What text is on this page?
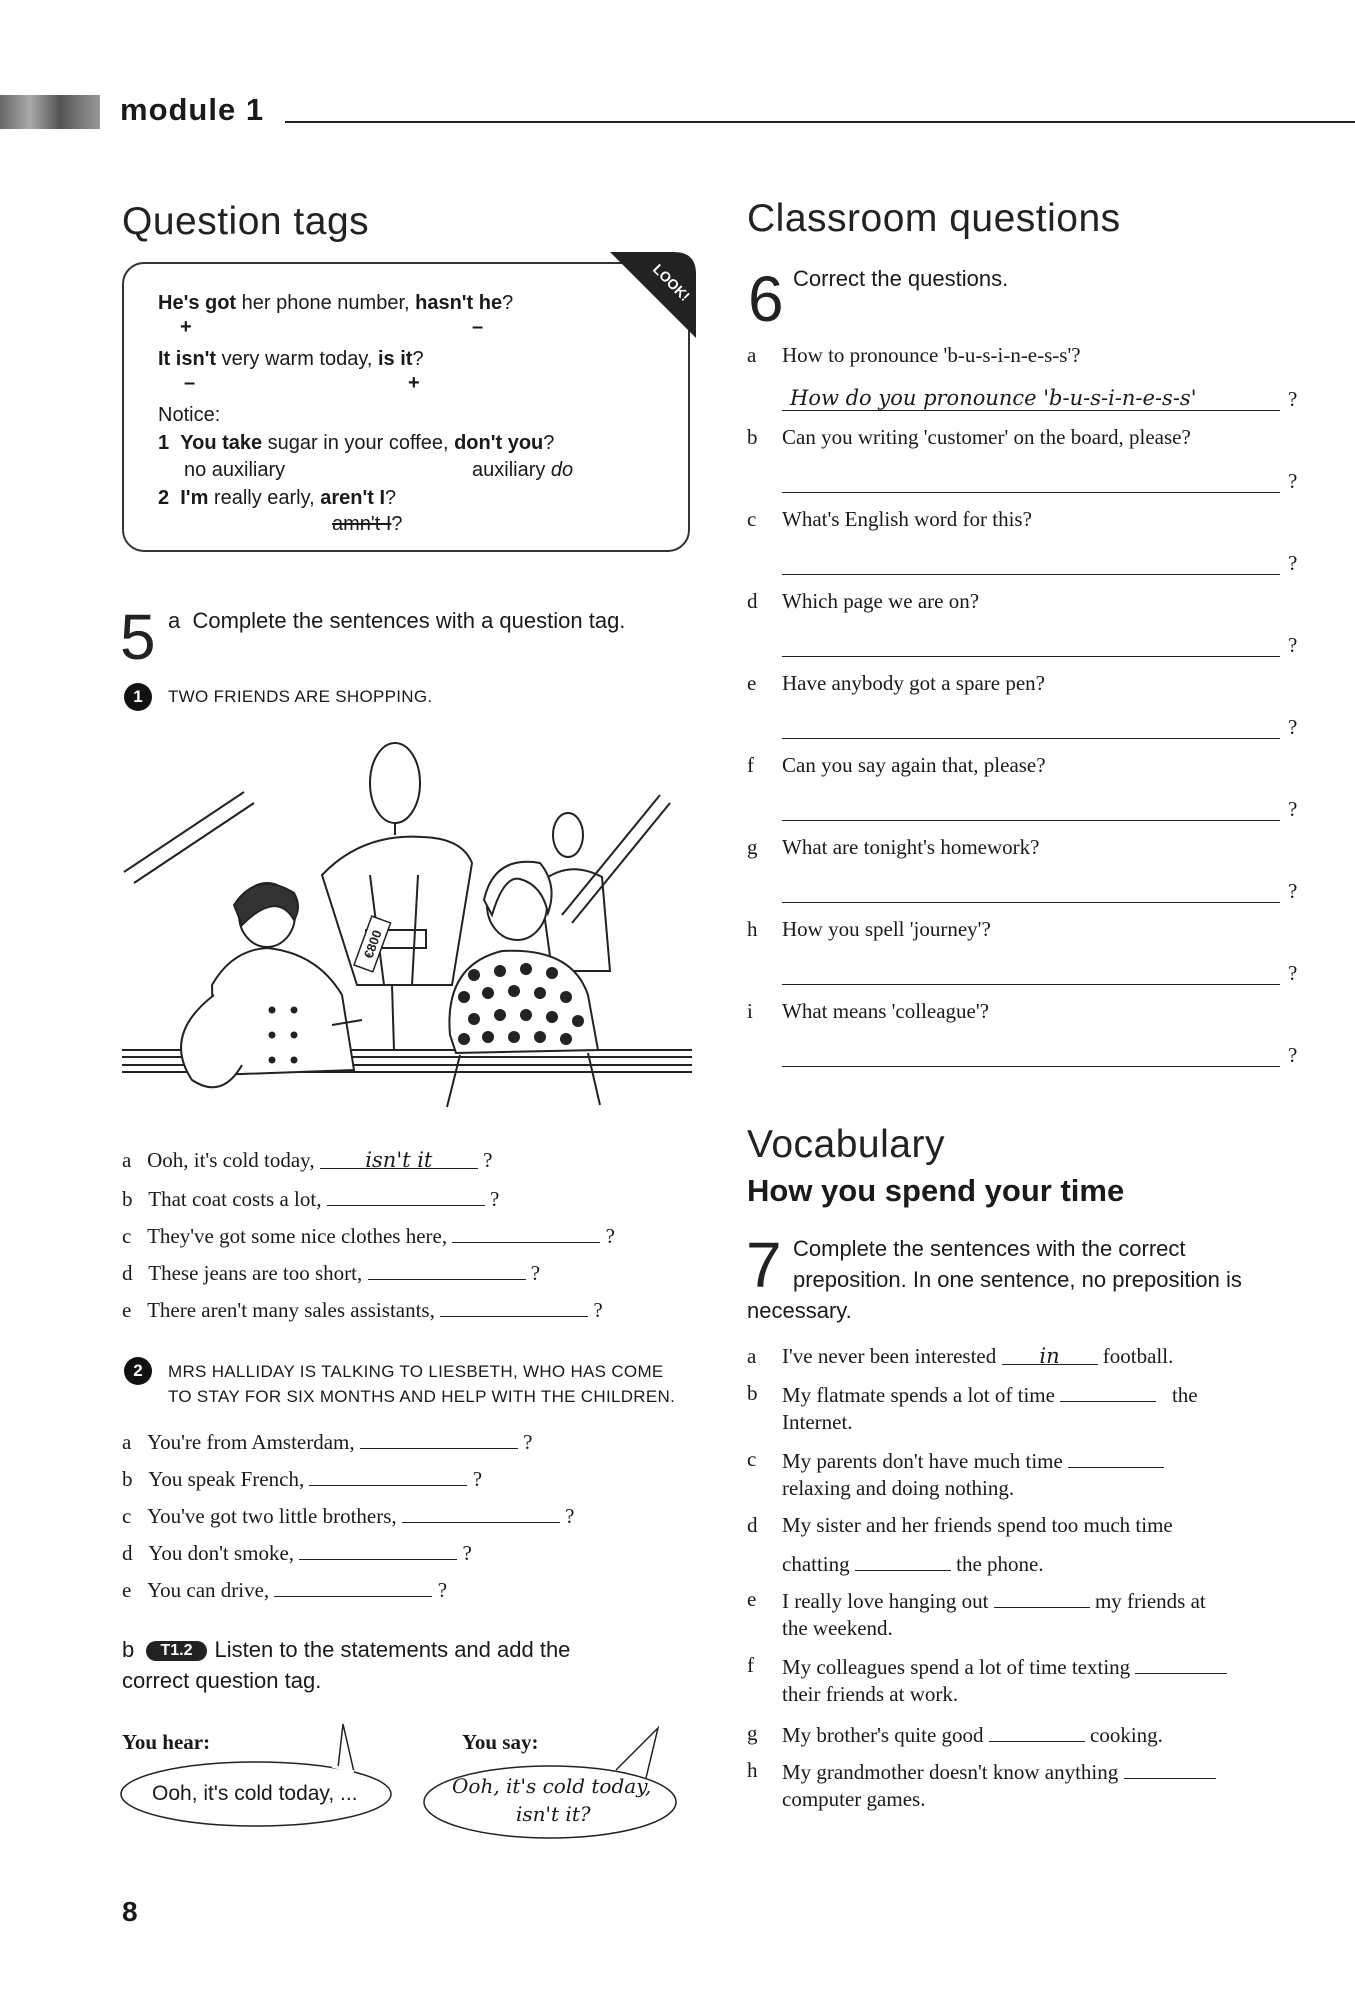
module 1
Question tags
LOOK!
He's got her phone number, hasn't he?
+	–
It isn't very warm today, is it?
–	+
Notice:
1 You take sugar in your coffee, don't you?
no auxiliary	auxiliary do
2 I'm really early, aren't I?
amn't I?
5 a Complete the sentences with a question tag.
1	TWO FRIENDS ARE SHOPPING.
€800
a Ooh, it's cold today, isn't it ?
b That coat costs a lot,	?
c They've got some nice clothes here,	?
d These jeans are too short,	?
e There aren't many sales assistants,	?
2	MRS HALLIDAY IS TALKING TO LIESBETH, WHO HAS COME
TO STAY FOR SIX MONTHS AND HELP WITH THE CHILDREN.
a You're from Amsterdam,	?
b You speak French,	?
c You've got two little brothers,	?
d You don't smoke,	?
e You can drive,	?
b T1.2 Listen to the statements and add the
correct question tag.
You hear:	You say:
Ooh, it's cold today, ...	Ooh, it's cold today,
isn't it?
Classroom questions
6 Correct the questions.
a How to pronounce 'b-u-s-i-n-e-s-s'?
How do you pronounce 'b-u-s-i-n-e-s-s'	?
b Can you writing 'customer' on the board, please?
?
c What's English word for this?
?
d Which page we are on?
?
e Have anybody got a spare pen?
?
f Can you say again that, please?
?
g What are tonight's homework?
?
h How you spell 'journey'?
?
i What means 'colleague'?
?
Vocabulary
How you spend your time
7 Complete the sentences with the correct
preposition. In one sentence, no preposition is
necessary.
a I've never been interested in football.
b My flatmate spends a lot of time	the
Internet.
c My parents don't have much time
relaxing and doing nothing.
d My sister and her friends spend too much time
chatting	the phone.
e I really love hanging out	my friends at
the weekend.
f My colleagues spend a lot of time texting
their friends at work.
g My brother's quite good	cooking.
h My grandmother doesn't know anything
computer games.
8
